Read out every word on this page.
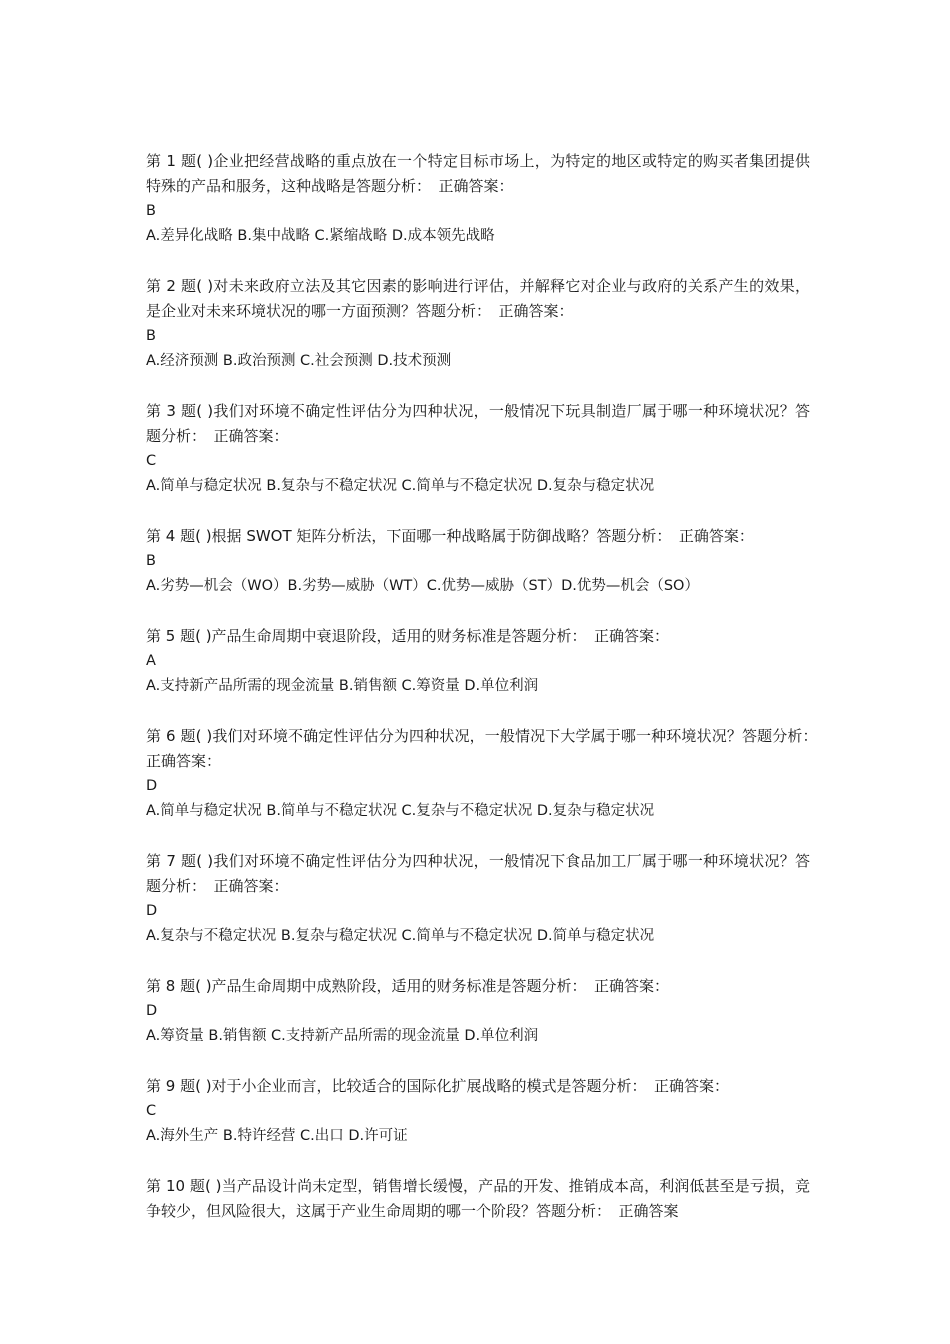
第 1 题( )企业把经营战略的重点放在一个特定目标市场上，为特定的地区或特定的购买者集团提供特殊的产品和服务，这种战略是答题分析：　正确答案：

B

A.差异化战略 B.集中战略 C.紧缩战略 D.成本领先战略

第 2 题( )对未来政府立法及其它因素的影响进行评估，并解释它对企业与政府的关系产生的效果，是企业对未来环境状况的哪一方面预测？答题分析：　正确答案：

B

A.经济预测 B.政治预测 C.社会预测 D.技术预测

第 3 题( )我们对环境不确定性评估分为四种状况，一般情况下玩具制造厂属于哪一种环境状况？答题分析：　正确答案：

C

A.简单与稳定状况 B.复杂与不稳定状况 C.简单与不稳定状况 D.复杂与稳定状况

第 4 题( )根据 SWOT 矩阵分析法，下面哪一种战略属于防御战略？答题分析：　正确答案：

B

A.劣势—机会（WO）B.劣势—威胁（WT）C.优势—威胁（ST）D.优势—机会（SO）

第 5 题( )产品生命周期中衰退阶段，适用的财务标准是答题分析：　正确答案：

A

A.支持新产品所需的现金流量 B.销售额 C.筹资量 D.单位利润

第 6 题( )我们对环境不确定性评估分为四种状况，一般情况下大学属于哪一种环境状况？答题分析：　正确答案：

D

A.简单与稳定状况 B.简单与不稳定状况 C.复杂与不稳定状况 D.复杂与稳定状况

第 7 题( )我们对环境不确定性评估分为四种状况，一般情况下食品加工厂属于哪一种环境状况？答题分析：　正确答案：

D

A.复杂与不稳定状况 B.复杂与稳定状况 C.简单与不稳定状况 D.简单与稳定状况

第 8 题( )产品生命周期中成熟阶段，适用的财务标准是答题分析：　正确答案：

D

A.筹资量 B.销售额 C.支持新产品所需的现金流量 D.单位利润

第 9 题( )对于小企业而言，比较适合的国际化扩展战略的模式是答题分析：　正确答案：

C

A.海外生产 B.特许经营 C.出口 D.许可证

第 10 题( )当产品设计尚未定型，销售增长缓慢，产品的开发、推销成本高，利润低甚至是亏损，竞争较少，但风险很大，这属于产业生命周期的哪一个阶段？答题分析：　正确答案
